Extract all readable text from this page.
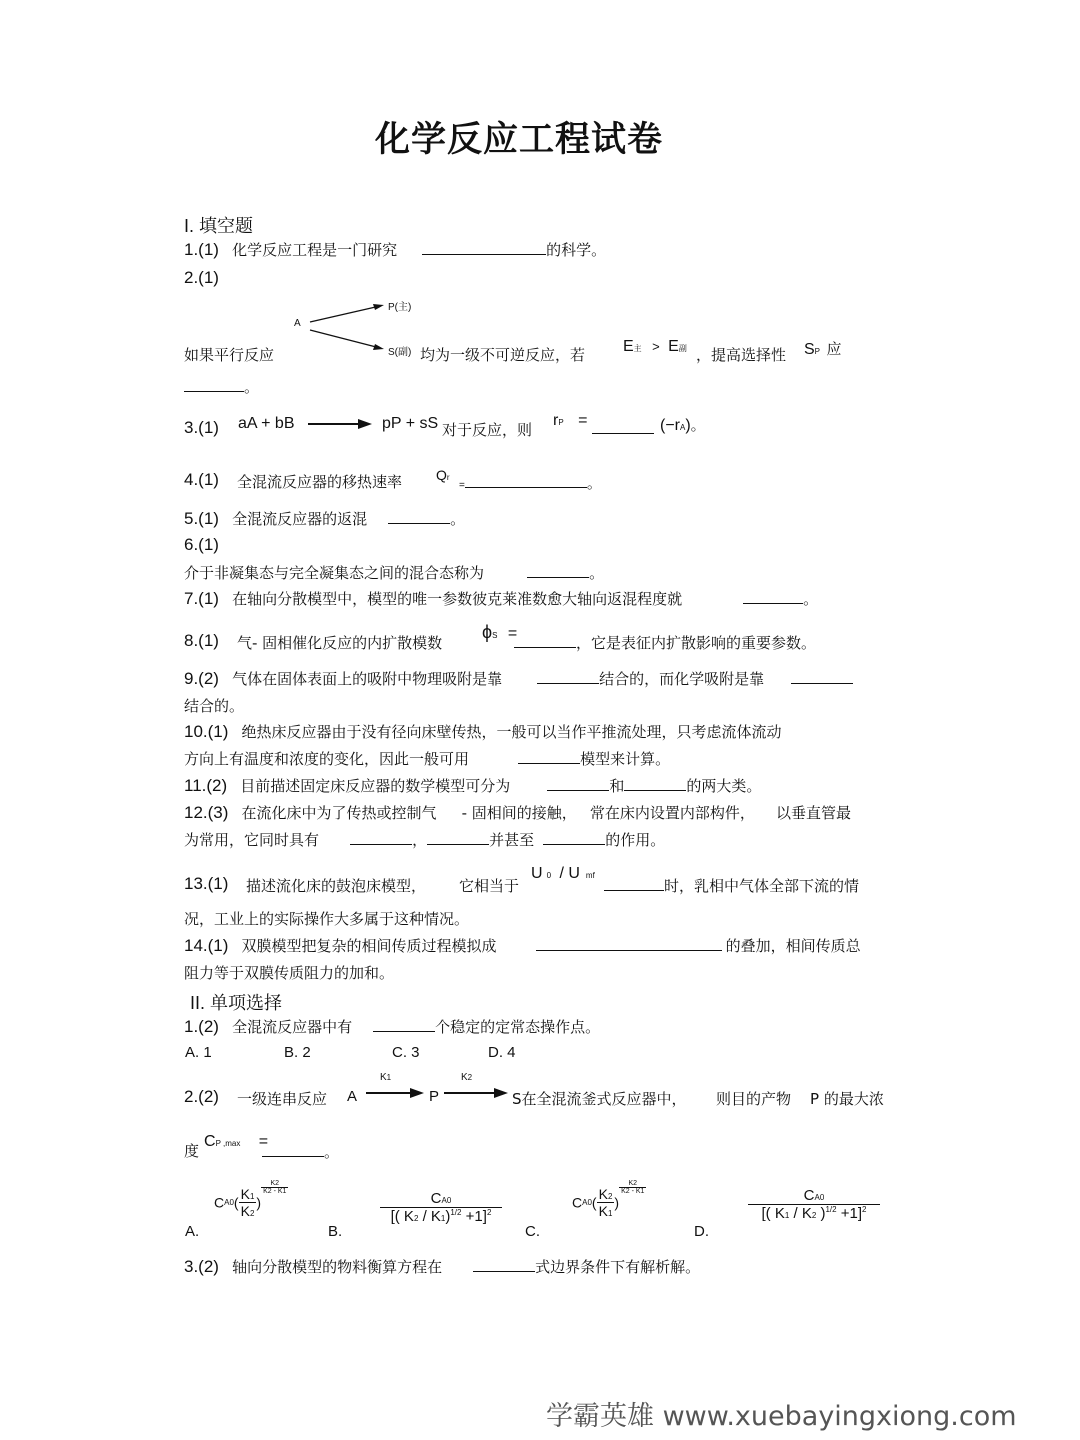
化学反应工程试卷
I. 填空题
1.(1) 化学反应工程是一门研究	的科学。
2.(1)
P(主)
A
如果平行反应	S(副) 均为一级不可逆反应，若 E主 > E副 ，提高选择性 SP 应
。
3.(1) aA + bB	pP + sS 对于反应，则
rP =	(−rA)。
4.(1) 全混流反应器的移热速率 Qr
=	。
5.(1) 全混流反应器的返混	。
6.(1)
介于非凝集态与完全凝集态之间的混合态称为	。
7.(1) 在轴向分散模型中，模型的唯一参数彼克莱准数愈大轴向返混程度就	。
8.(1) 气- 固相催化反应的内扩散模数
ϕS =
，它是表征内扩散影响的重要参数。
9.(2) 气体在固体表面上的吸附中物理吸附是靠	结合的，而化学吸附是靠
结合的。
10.(1) 绝热床反应器由于没有径向床壁传热，一般可以当作平推流处理，只考虑流体流动
方向上有温度和浓度的变化，因此一般可用	模型来计算。
11.(2) 目前描述固定床反应器的数学模型可分为	和	的两大类。
12.(3) 在流化床中为了传热或控制气 - 固相间的接触， 常在床内设置内部构件， 以垂直管最
为常用，它同时具有	，	并甚至	的作用。
13.(1) 描述流化床的鼓泡床模型， 它相当于
U 0 / U mf
时，乳相中气体全部下流的情
况，工业上的实际操作大多属于这种情况。
14.(1) 双膜模型把复杂的相间传质过程模拟成	的叠加，相间传质总
阻力等于双膜传质阻力的加和。
II. 单项选择
1.(2) 全混流反应器中有	个稳定的定常态操作点。
A. 1	B. 2	C. 3	D. 4
2.(2) 一级连串反应 A
K1
P
K2
S在全混流釜式反应器中， 则目的产物 P 的最大浓
度
CP ,max =
。
A.
$CA0( \frac{K1}{K2}$ )
$\frac{K2}{K2 - K1}$
B.
$\frac{CA0}{[( K2 / K1)^{1/2} +1]^2}$
C.
$CA0( \frac{K2}{K1}$ )
$\frac{K2}{K2 - K1}$
D.
$\frac{CA0}{[( K1 / K2 )^{1/2} +1]^2}$
3.(2) 轴向分散模型的物料衡算方程在	式边界条件下有解析解。
学霸英雄 www.xuebayingxiong.com
